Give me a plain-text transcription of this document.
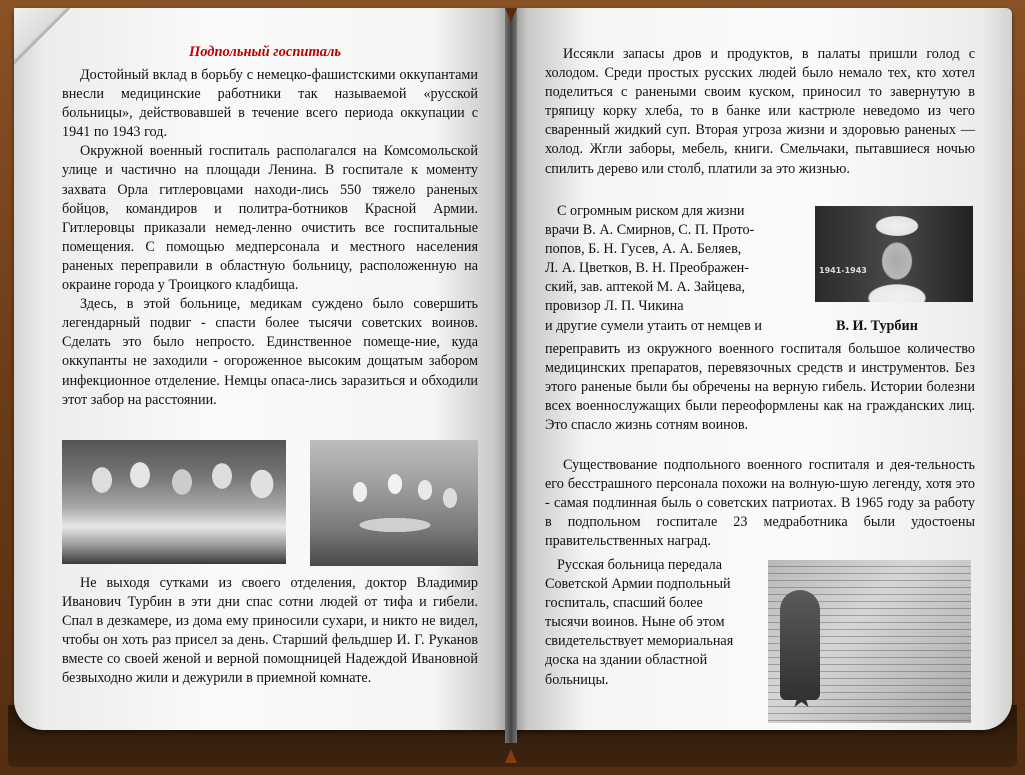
Подпольный госпиталь

Достойный вклад в борьбу с немецко-фашистскими оккупантами внесли медицинские работники так называемой «русской больницы», действовавшей в течение всего периода оккупации с 1941 по 1943 год.

Окружной военный госпиталь располагался на Комсомольской улице и частично на площади Ленина. В госпитале к моменту захвата Орла гитлеровцами находи-лись 550 тяжело раненых бойцов, командиров и политра-ботников Красной Армии. Гитлеровцы приказали немед-ленно очистить все госпитальные помещения. С помощью медперсонала и местного населения раненых переправили в областную больницу, расположенную на окраине города у Троицкого кладбища.

Здесь, в этой больнице, медикам суждено было совершить легендарный подвиг - спасти более тысячи советских воинов. Сделать это было непросто. Единственное помеще-ние, куда оккупанты не заходили - огороженное высоким дощатым забором инфекционное отделение. Немцы опаса-лись заразиться и обходили этот забор на расстоянии.

Не выходя сутками из своего отделения, доктор Владимир Иванович Турбин в эти дни спас сотни людей от тифа и гибели. Спал в дезкамере, из дома ему приносили сухари, и никто не видел, чтобы он хоть раз присел за день. Старший фельдшер И. Г. Руканов вместе со своей женой и верной помощницей Надеждой Ивановной безвыходно жили и дежурили в приемной комнате.

Иссякли запасы дров и продуктов, в палаты пришли голод с холодом. Среди простых русских людей было немало тех, кто хотел поделиться с ранеными своим куском, приносил то завернутую в тряпицу корку хлеба, то в банке или кастрюле неведомо из чего сваренный жидкий суп. Вторая угроза жизни и здоровью раненых — холод. Жгли заборы, мебель, книги. Смельчаки, пытавшиеся ночью спилить дерево или столб, платили за это жизнью.

С огромным риском для жизни
врачи В. А. Смирнов, С. П. Прото-
попов, Б. Н. Гусев, А. А. Беляев,
Л. А. Цветков, В. Н. Преображен-
ский, зав. аптекой М. А. Зайцева,
провизор Л. П. Чикина
и другие сумели утаить от немцев и
1941-1943
В. И. Турбин

переправить из окружного военного госпиталя большое количество медицинских препаратов, перевязочных средств и инструментов. Без этого раненые были бы обречены на верную гибель. Истории болезни всех военнослужащих были переоформлены как на гражданских лиц. Это спасло жизнь сотням воинов.

Существование подпольного военного госпиталя и дея-тельность его бесстрашного персонала похожи на волную-шую легенду, хотя это - самая подлинная быль о советских патриотах. В 1965 году за работу в подпольном госпитале 23 медработника были удостоены правительственных наград.

Русская больница передала
Советской Армии подпольный
госпиталь, спасший более
тысячи воинов. Ныне об этом
свидетельствует мемориальная
доска на здании областной
больницы.
★
